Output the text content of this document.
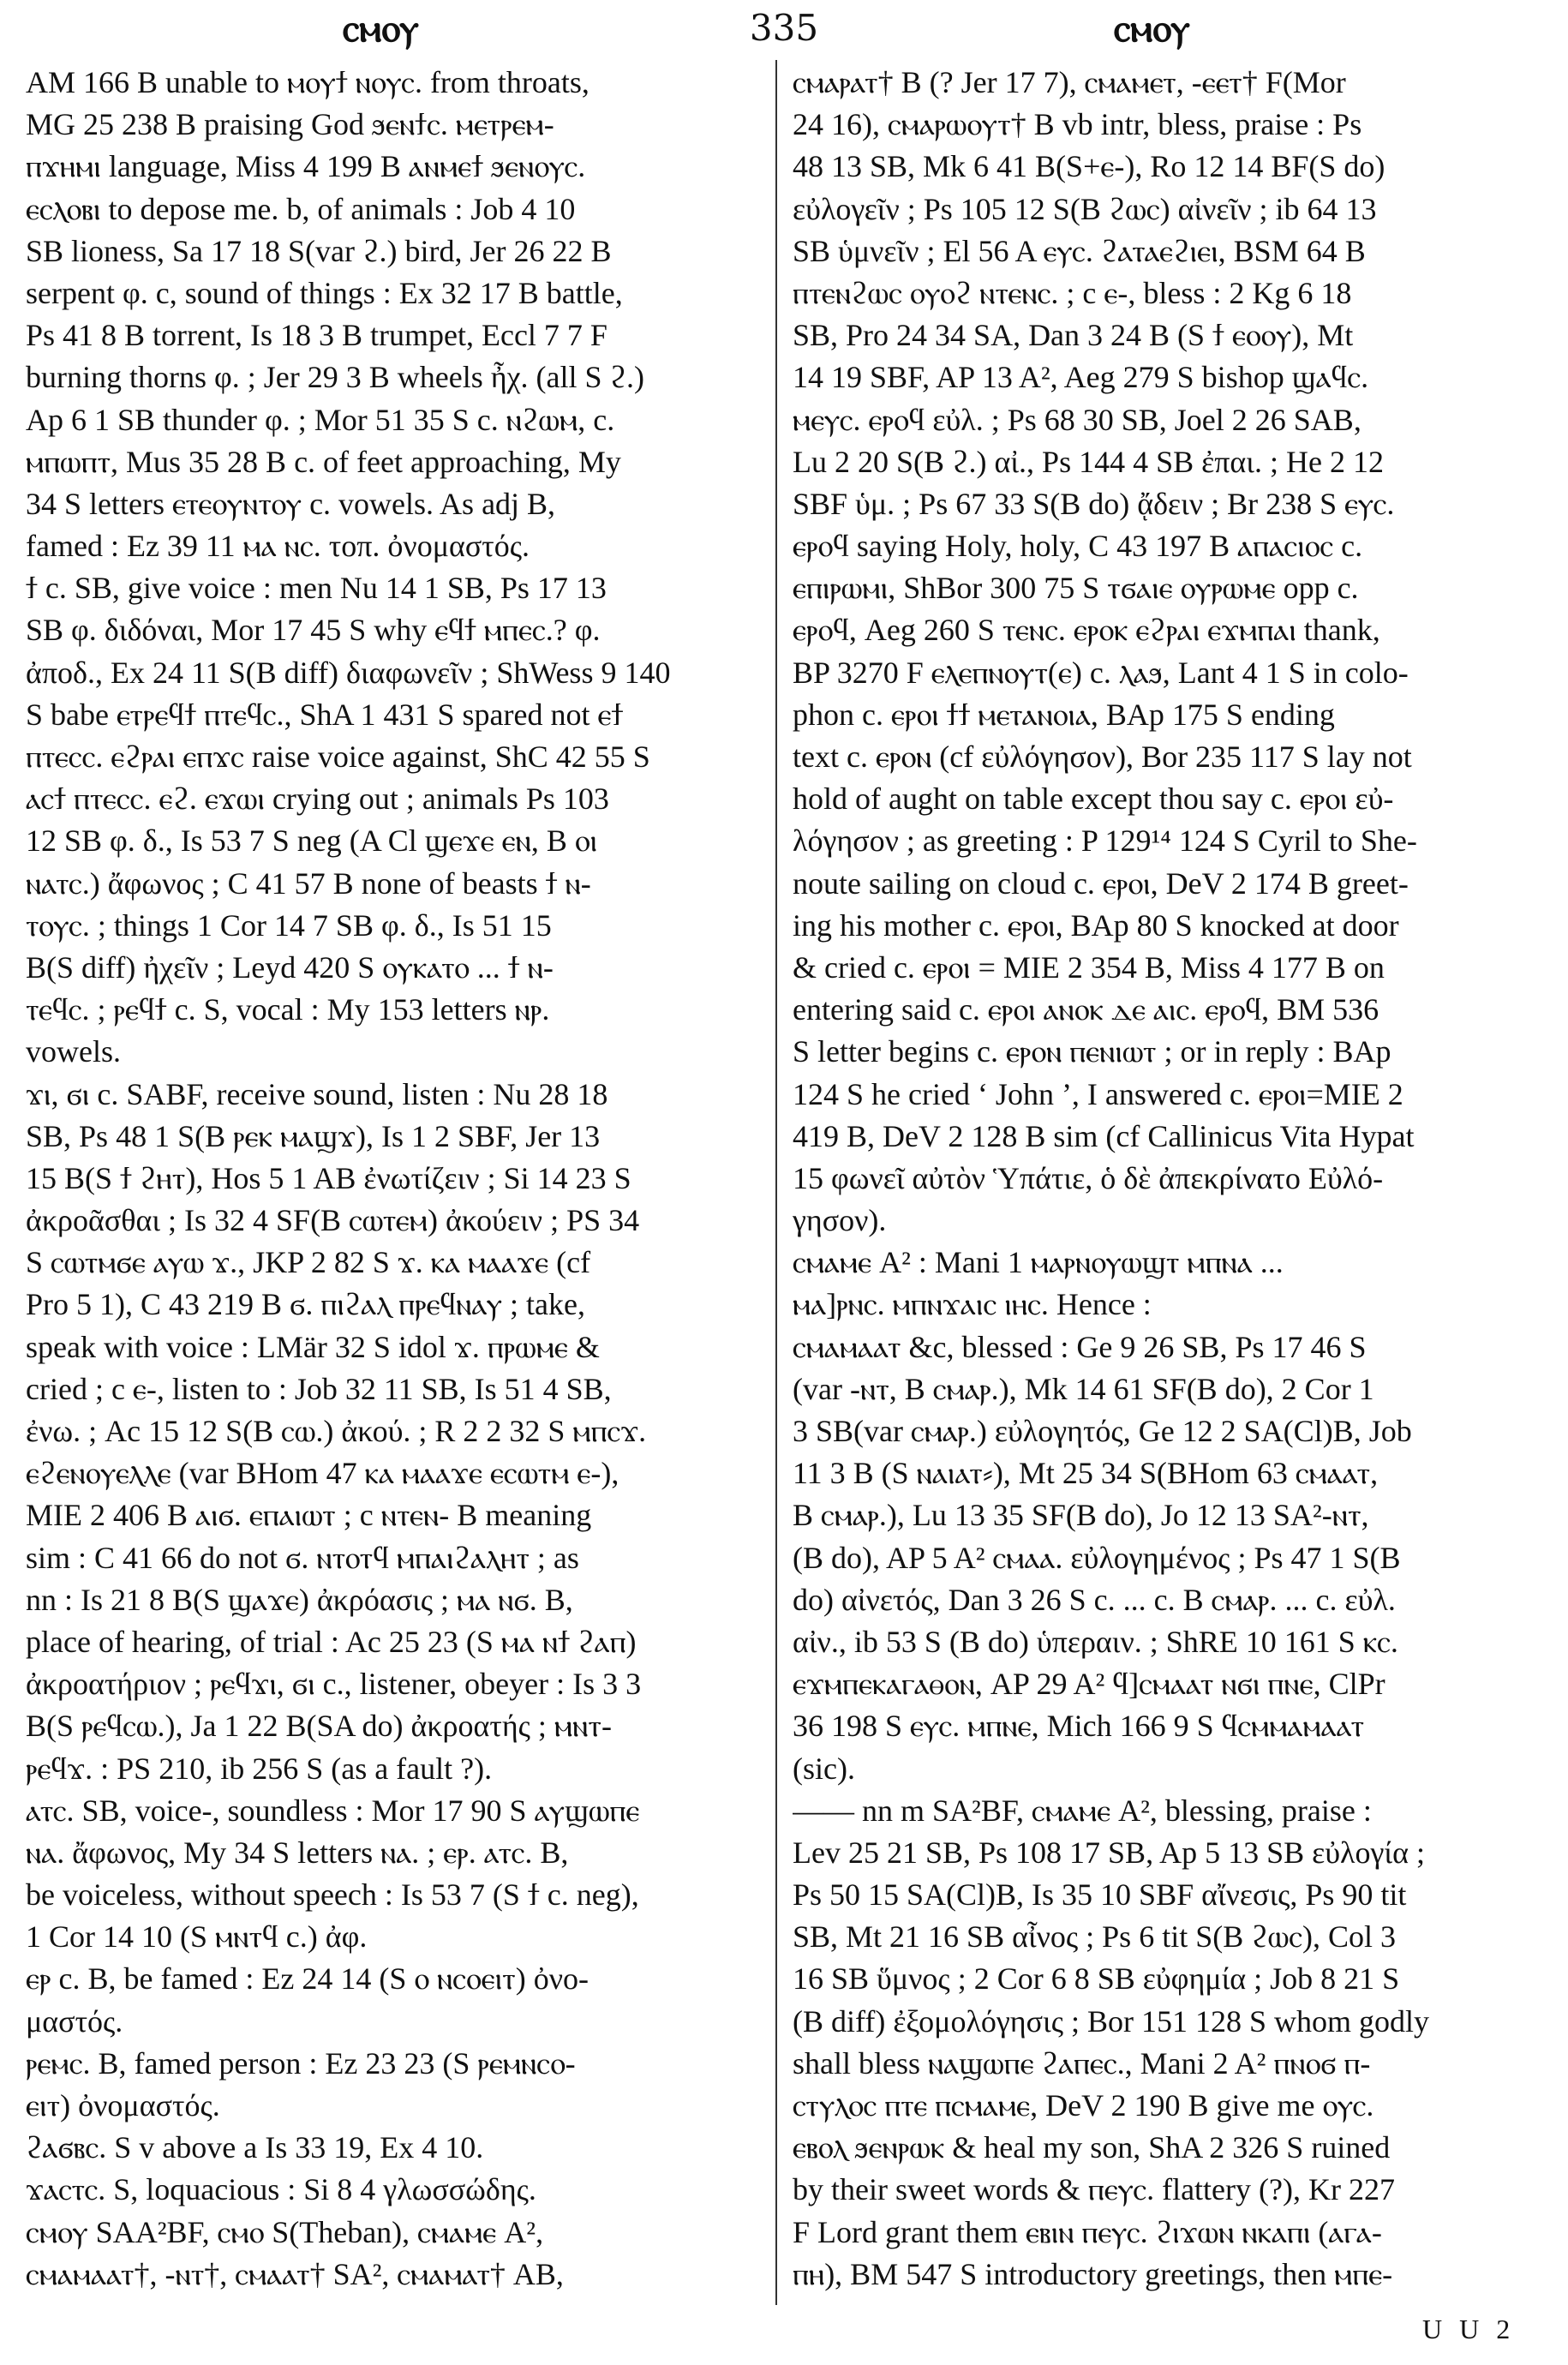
ⲥⲙⲟⲩ	335	ⲥⲙⲟⲩ
AM 166 B unable to ⲙⲟⲩϯ ⲛⲟⲩⲥ. from throats,
MG 25 238 B praising God ϧⲉⲛϯⲥ. ⲙⲉⲧⲣⲉⲙ-
ⲡϫⲏⲙⲓ language, Miss 4 199 B ⲁⲛⲙⲉϯ ϧⲉⲛⲟⲩⲥ.
ⲉⲥⲗⲟⲃⲓ to depose me. b, of animals : Job 4 10
SB lioness, Sa 17 18 S(var ϩ.) bird, Jer 26 22 B
serpent φ. c, sound of things : Ex 32 17 B battle,
Ps 41 8 B torrent, Is 18 3 B trumpet, Eccl 7 7 F
burning thorns φ. ; Jer 29 3 B wheels ἦχ. (all S ϩ.)
Ap 6 1 SB thunder φ. ; Mor 51 35 S c. ⲛϩⲱⲙ, c.
ⲙⲡⲱⲡⲧ, Mus 35 28 B c. of feet approaching, My
34 S letters ⲉⲧⲉⲟⲩⲛⲧⲟⲩ c. vowels. As adj B,
famed : Ez 39 11 ⲙⲁ ⲛⲥ. τοπ. ὀνομαστός.
ϯ c. SB, give voice : men Nu 14 1 SB, Ps 17 13
SB φ. διδόναι, Mor 17 45 S why ⲉϥϯ ⲙⲡⲉⲥ.? φ.
ἀποδ., Ex 24 11 S(B diff) διαφωνεῖν ; ShWess 9 140
S babe ⲉⲧⲣⲉϥϯ ⲡⲧⲉϥⲥ., ShA 1 431 S spared not ⲉϯ
ⲡⲧⲉⲥⲥ. ⲉϩⲣⲁⲓ ⲉⲡϫⲥ raise voice against, ShC 42 55 S
ⲁⲥϯ ⲡⲧⲉⲥⲥ. ⲉϩ. ⲉϫⲱⲓ crying out ; animals Ps 103
12 SB φ. δ., Is 53 7 S neg (A Cl ϣⲉϫⲉ ⲉⲛ, B ⲟⲓ
ⲛⲁⲧⲥ.) ἄφωνος ; C 41 57 B none of beasts ϯ ⲛ-
ⲧⲟⲩⲥ. ; things 1 Cor 14 7 SB φ. δ., Is 51 15
B(S diff) ἠχεῖν ; Leyd 420 S ⲟⲩⲕⲁⲧⲟ ... ϯ ⲛ-
ⲧⲉϥⲥ. ; ⲣⲉϥϯ c. S, vocal : My 153 letters ⲛⲣ.
vowels.
ϫⲓ, ϭⲓ c. SABF, receive sound, listen : Nu 28 18
SB, Ps 48 1 S(B ⲣⲉⲕ ⲙⲁϣϫ), Is 1 2 SBF, Jer 13
15 B(S ϯ ϩⲏⲧ), Hos 5 1 AB ἐνωτίζειν ; Si 14 23 S
ἀκροᾶσθαι ; Is 32 4 SF(B ⲥⲱⲧⲉⲙ) ἀκούειν ; PS 34
S ⲥⲱⲧⲙϭⲉ ⲁⲩⲱ ϫ., JKP 2 82 S ϫ. ⲕⲁ ⲙⲁⲁϫⲉ (cf
Pro 5 1), C 43 219 B ϭ. ⲡⲓϩⲁⲗ ⲡⲣⲉϥⲛⲁⲩ ; take,
speak with voice : LMär 32 S idol ϫ. ⲡⲣⲱⲙⲉ &
cried ; c ⲉ-, listen to : Job 32 11 SB, Is 51 4 SB,
ἐνω. ; Ac 15 12 S(B ⲥⲱ.) ἀκού. ; R 2 2 32 S ⲙⲡⲥϫ.
ⲉϩⲉⲛⲟⲩⲉⲗⲗⲉ (var BHom 47 ⲕⲁ ⲙⲁⲁϫⲉ ⲉⲥⲱⲧⲙ ⲉ-),
MIE 2 406 B ⲁⲓϭ. ⲉⲡⲁⲓⲱⲧ ; c ⲛⲧⲉⲛ- B meaning
sim : C 41 66 do not ϭ. ⲛⲧⲟⲧϥ ⲙⲡⲁⲓϩⲁⲗⲏⲧ ; as
nn : Is 21 8 B(S ϣⲁϫⲉ) ἀκρόασις ; ⲙⲁ ⲛϭ. B,
place of hearing, of trial : Ac 25 23 (S ⲙⲁ ⲛϯ ϩⲁⲡ)
ἀκροατήριον ; ⲣⲉϥϫⲓ, ϭⲓ c., listener, obeyer : Is 3 3
B(S ⲣⲉϥⲥⲱ.), Ja 1 22 B(SA do) ἀκροατής ; ⲙⲛⲧ-
ⲣⲉϥϫ. : PS 210, ib 256 S (as a fault ?).
ⲁⲧⲥ. SB, voice-, soundless : Mor 17 90 S ⲁⲩϣⲱⲡⲉ
ⲛⲁ. ἄφωνος, My 34 S letters ⲛⲁ. ; ⲉⲣ. ⲁⲧⲥ. B,
be voiceless, without speech : Is 53 7 (S ϯ c. neg),
1 Cor 14 10 (S ⲙⲛⲧϥ c.) ἀφ.
ⲉⲣ c. B, be famed : Ez 24 14 (S ⲟ ⲛⲥⲟⲉⲓⲧ) ὀνο-
μαστός.
ⲣⲉⲙⲥ. B, famed person : Ez 23 23 (S ⲣⲉⲙⲛⲥⲟ-
ⲉⲓⲧ) ὀνομαστός.
ϩⲁϭⲃⲥ. S v above a Is 33 19, Ex 4 10.
ϫⲁⲥⲧⲥ. S, loquacious : Si 8 4 γλωσσώδης.
ⲥⲙⲟⲩ SAA²BF, ⲥⲙⲟ S(Theban), ⲥⲙⲁⲙⲉ A²,
ⲥⲙⲁⲙⲁⲁⲧ†, -ⲛⲧ†, ⲥⲙⲁⲁⲧ† SA², ⲥⲙⲁⲙⲁⲧ† AB,
ⲥⲙⲁⲣⲁⲧ† B (? Jer 17 7), ⲥⲙⲁⲙⲉⲧ, -ⲉⲉⲧ† F(Mor
24 16), ⲥⲙⲁⲣⲱⲟⲩⲧ† B vb intr, bless, praise : Ps
48 13 SB, Mk 6 41 B(S+ⲉ-), Ro 12 14 BF(S do)
εὐλογεῖν ; Ps 105 12 S(B ϩⲱⲥ) αἰνεῖν ; ib 64 13
SB ὑμνεῖν ; El 56 A ⲉⲩⲥ. ϩⲁⲧⲁⲉϩⲓⲉⲓ, BSM 64 B
ⲡⲧⲉⲛϩⲱⲥ ⲟⲩⲟϩ ⲛⲧⲉⲛⲥ. ; c ⲉ-, bless : 2 Kg 6 18
SB, Pro 24 34 SA, Dan 3 24 B (S ϯ ⲉⲟⲟⲩ), Mt
14 19 SBF, AP 13 A², Aeg 279 S bishop ϣⲁϥⲥ.
ⲙⲉⲩⲥ. ⲉⲣⲟϥ εὐλ. ; Ps 68 30 SB, Joel 2 26 SAB,
Lu 2 20 S(B ϩ.) αἰ., Ps 144 4 SB ἐπαι. ; He 2 12
SBF ὑμ. ; Ps 67 33 S(B do) ᾄδειν ; Br 238 S ⲉⲩⲥ.
ⲉⲣⲟϥ saying Holy, holy, C 43 197 B ⲁⲡⲁⲥⲓⲟⲥ c.
ⲉⲡⲓⲣⲱⲙⲓ, ShBor 300 75 S ⲧϭⲁⲓⲉ ⲟⲩⲣⲱⲙⲉ opp c.
ⲉⲣⲟϥ, Aeg 260 S ⲧⲉⲛⲥ. ⲉⲣⲟⲕ ⲉϩⲣⲁⲓ ⲉϫⲙⲡⲁⲓ thank,
BP 3270 F ⲉⲗⲉⲡⲛⲟⲩⲧ(ⲉ) c. ⲗⲁϧ, Lant 4 1 S in colo-
phon c. ⲉⲣⲟⲓ ϯϯ ⲙⲉⲧⲁⲛⲟⲓⲁ, BAp 175 S ending
text c. ⲉⲣⲟⲛ (cf εὐλόγησον), Bor 235 117 S lay not
hold of aught on table except thou say c. ⲉⲣⲟⲓ εὐ-
λόγησον ; as greeting : P 129¹⁴ 124 S Cyril to She-
noute sailing on cloud c. ⲉⲣⲟⲓ, DeV 2 174 B greet-
ing his mother c. ⲉⲣⲟⲓ, BAp 80 S knocked at door
& cried c. ⲉⲣⲟⲓ = MIE 2 354 B, Miss 4 177 B on
entering said c. ⲉⲣⲟⲓ ⲁⲛⲟⲕ ⲇⲉ ⲁⲓⲥ. ⲉⲣⲟϥ, BM 536
S letter begins c. ⲉⲣⲟⲛ ⲡⲉⲛⲓⲱⲧ ; or in reply : BAp
124 S he cried ‘ John ’, I answered c. ⲉⲣⲟⲓ=MIE 2
419 B, DeV 2 128 B sim (cf Callinicus Vita Hypat
15 φωνεῖ αὐτὸν Ὑπάτιε, ὁ δὲ ἀπεκρίνατο Εὐλό-
γησον).
ⲥⲙⲁⲙⲉ A² : Mani 1 ⲙⲁⲣⲛⲟⲩⲱϣⲧ ⲙⲡⲛⲁ ...
ⲙⲁ]ⲣⲛⲥ. ⲙⲡⲛϫⲁⲓⲥ ⲓⲏⲥ. Hence :
ⲥⲙⲁⲙⲁⲁⲧ &c, blessed : Ge 9 26 SB, Ps 17 46 S
(var -ⲛⲧ, B ⲥⲙⲁⲣ.), Mk 14 61 SF(B do), 2 Cor 1
3 SB(var ⲥⲙⲁⲣ.) εὐλογητός, Ge 12 2 SA(Cl)B, Job
11 3 B (S ⲛⲁⲓⲁⲧ⸗), Mt 25 34 S(BHom 63 ⲥⲙⲁⲁⲧ,
B ⲥⲙⲁⲣ.), Lu 13 35 SF(B do), Jo 12 13 SA²-ⲛⲧ,
(B do), AP 5 A² ⲥⲙⲁⲁ. εὐλογημένος ; Ps 47 1 S(B
do) αἰνετός, Dan 3 26 S c. ... c. B ⲥⲙⲁⲣ. ... c. εὐλ.
αἰν., ib 53 S (B do) ὑπεραιν. ; ShRE 10 161 S ⲕⲥ.
ⲉϫⲙⲡⲉⲕⲁⲅⲁⲑⲟⲛ, AP 29 A² ϥ]ⲥⲙⲁⲁⲧ ⲛϭⲓ ⲡⲛⲉ, ClPr
36 198 S ⲉⲩⲥ. ⲙⲡⲛⲉ, Mich 166 9 S ϥⲥⲙⲙⲁⲙⲁⲁⲧ
(sic).
—— nn m SA²BF, ⲥⲙⲁⲙⲉ A², blessing, praise :
Lev 25 21 SB, Ps 108 17 SB, Ap 5 13 SB εὐλογία ;
Ps 50 15 SA(Cl)B, Is 35 10 SBF αἴνεσις, Ps 90 tit
SB, Mt 21 16 SB αἶνος ; Ps 6 tit S(B ϩⲱⲥ), Col 3
16 SB ὕμνος ; 2 Cor 6 8 SB εὐφημία ; Job 8 21 S
(B diff) ἐξομολόγησις ; Bor 151 128 S whom godly
shall bless ⲛⲁϣⲱⲡⲉ ϩⲁⲡⲉⲥ., Mani 2 A² ⲡⲛⲟϭ ⲡ-
ⲥⲧⲩⲗⲟⲥ ⲡⲧⲉ ⲡⲥⲙⲁⲙⲉ, DeV 2 190 B give me ⲟⲩⲥ.
ⲉⲃⲟⲗ ϧⲉⲛⲣⲱⲕ & heal my son, ShA 2 326 S ruined
by their sweet words & ⲡⲉⲩⲥ. flattery (?), Kr 227
F Lord grant them ⲉⲃⲓⲛ ⲡⲉⲩⲥ. ϩⲓϫⲱⲛ ⲛⲕⲁⲡⲓ (ⲁⲅⲁ-
ⲡⲏ), BM 547 S introductory greetings, then ⲙⲡⲉ-
U U 2
